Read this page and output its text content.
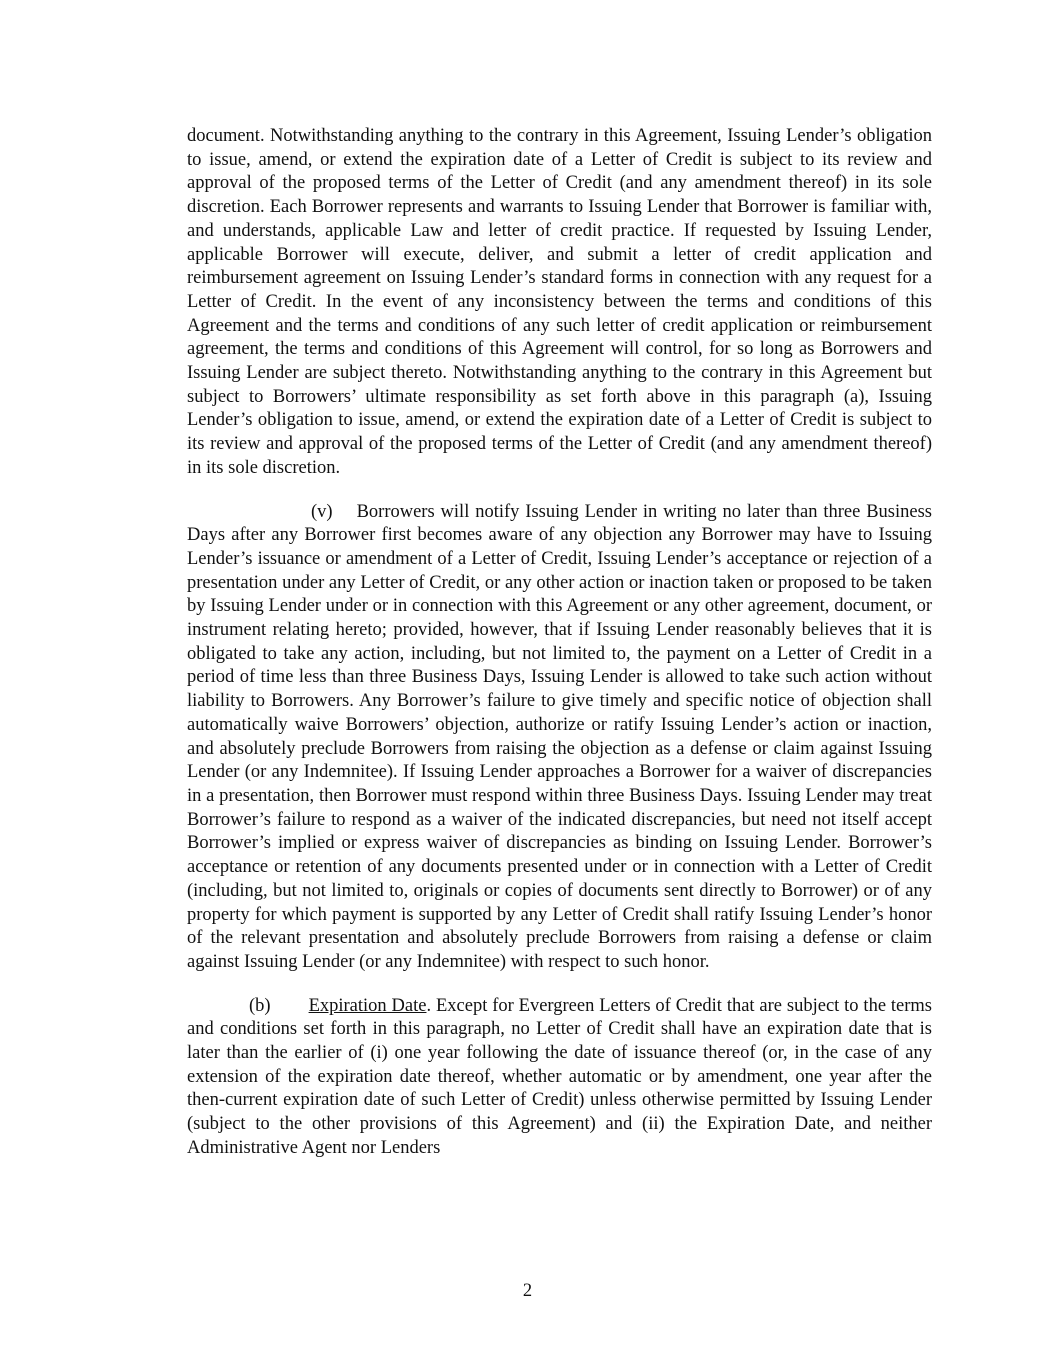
document. Notwithstanding anything to the contrary in this Agreement, Issuing Lender’s obligation to issue, amend, or extend the expiration date of a Letter of Credit is subject to its review and approval of the proposed terms of the Letter of Credit (and any amendment thereof) in its sole discretion. Each Borrower represents and warrants to Issuing Lender that Borrower is familiar with, and understands, applicable Law and letter of credit practice. If requested by Issuing Lender, applicable Borrower will execute, deliver, and submit a letter of credit application and reimbursement agreement on Issuing Lender’s standard forms in connection with any request for a Letter of Credit. In the event of any inconsistency between the terms and conditions of this Agreement and the terms and conditions of any such letter of credit application or reimbursement agreement, the terms and conditions of this Agreement will control, for so long as Borrowers and Issuing Lender are subject thereto. Notwithstanding anything to the contrary in this Agreement but subject to Borrowers’ ultimate responsibility as set forth above in this paragraph (a), Issuing Lender’s obligation to issue, amend, or extend the expiration date of a Letter of Credit is subject to its review and approval of the proposed terms of the Letter of Credit (and any amendment thereof) in its sole discretion.

(v) Borrowers will notify Issuing Lender in writing no later than three Business Days after any Borrower first becomes aware of any objection any Borrower may have to Issuing Lender’s issuance or amendment of a Letter of Credit, Issuing Lender’s acceptance or rejection of a presentation under any Letter of Credit, or any other action or inaction taken or proposed to be taken by Issuing Lender under or in connection with this Agreement or any other agreement, document, or instrument relating hereto; provided, however, that if Issuing Lender reasonably believes that it is obligated to take any action, including, but not limited to, the payment on a Letter of Credit in a period of time less than three Business Days, Issuing Lender is allowed to take such action without liability to Borrowers. Any Borrower’s failure to give timely and specific notice of objection shall automatically waive Borrowers’ objection, authorize or ratify Issuing Lender’s action or inaction, and absolutely preclude Borrowers from raising the objection as a defense or claim against Issuing Lender (or any Indemnitee). If Issuing Lender approaches a Borrower for a waiver of discrepancies in a presentation, then Borrower must respond within three Business Days. Issuing Lender may treat Borrower’s failure to respond as a waiver of the indicated discrepancies, but need not itself accept Borrower’s implied or express waiver of discrepancies as binding on Issuing Lender. Borrower’s acceptance or retention of any documents presented under or in connection with a Letter of Credit (including, but not limited to, originals or copies of documents sent directly to Borrower) or of any property for which payment is supported by any Letter of Credit shall ratify Issuing Lender’s honor of the relevant presentation and absolutely preclude Borrowers from raising a defense or claim against Issuing Lender (or any Indemnitee) with respect to such honor.

(b) Expiration Date. Except for Evergreen Letters of Credit that are subject to the terms and conditions set forth in this paragraph, no Letter of Credit shall have an expiration date that is later than the earlier of (i) one year following the date of issuance thereof (or, in the case of any extension of the expiration date thereof, whether automatic or by amendment, one year after the then-current expiration date of such Letter of Credit) unless otherwise permitted by Issuing Lender (subject to the other provisions of this Agreement) and (ii) the Expiration Date, and neither Administrative Agent nor Lenders

2
